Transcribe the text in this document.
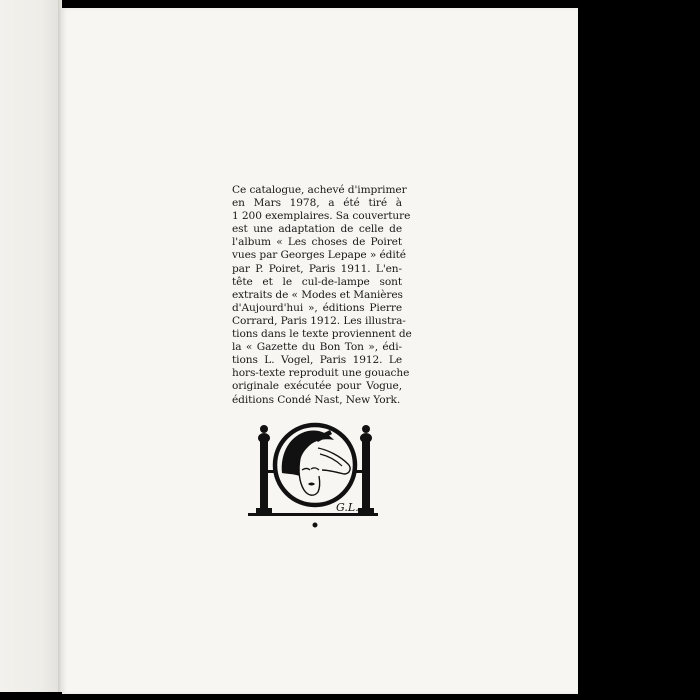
Ce catalogue, achevé d'imprimer
en Mars 1978, a été tiré à
1 200 exemplaires. Sa couverture
est une adaptation de celle de
l'album « Les choses de Poiret
vues par Georges Lepape » édité
par P. Poiret, Paris 1911. L'en-
tête et le cul-de-lampe sont
extraits de « Modes et Manières
d'Aujourd'hui », éditions Pierre
Corrard, Paris 1912. Les illustra-
tions dans le texte proviennent de
la « Gazette du Bon Ton », édi-
tions L. Vogel, Paris 1912. Le
hors-texte reproduit une gouache
originale exécutée pour Vogue,
éditions Condé Nast, New York.

G.L.
